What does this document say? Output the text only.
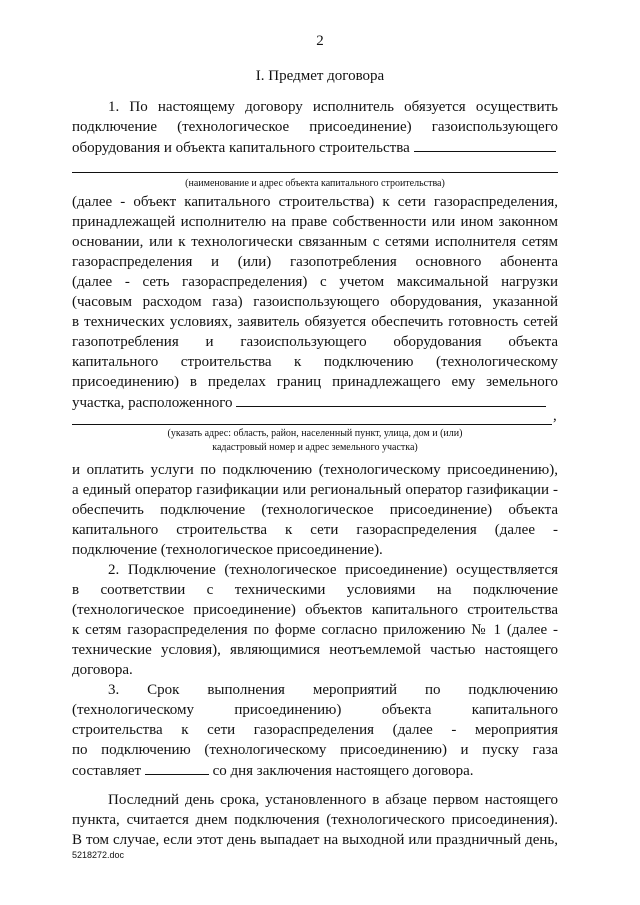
2
I. Предмет договора
1. По настоящему договору исполнитель обязуется осуществить
подключение (технологическое присоединение) газоиспользующего
оборудования и объекта капитального строительства
(наименование и адрес объекта капитального строительства)
(далее - объект капитального строительства) к сети газораспределения,
принадлежащей исполнителю на праве собственности или ином законном
основании, или к технологически связанным с сетями исполнителя сетям
газораспределения и (или) газопотребления основного абонента
(далее - сеть газораспределения) с учетом максимальной нагрузки
(часовым расходом газа) газоиспользующего оборудования, указанной
в технических условиях, заявитель обязуется обеспечить готовность сетей
газопотребления и газоиспользующего оборудования объекта
капитального строительства к подключению (технологическому
присоединению) в пределах границ принадлежащего ему земельного
участка, расположенного
,
(указать адрес: область, район, населенный пункт, улица, дом и (или)
кадастровый номер и адрес земельного участка)
и оплатить услуги по подключению (технологическому присоединению),
а единый оператор газификации или региональный оператор газификации -
обеспечить подключение (технологическое присоединение) объекта
капитального строительства к сети газораспределения (далее -
подключение (технологическое присоединение).
2. Подключение (технологическое присоединение) осуществляется
в соответствии с техническими условиями на подключение
(технологическое присоединение) объектов капитального строительства
к сетям газораспределения по форме согласно приложению № 1 (далее -
технические условия), являющимися неотъемлемой частью настоящего
договора.
3. Срок выполнения мероприятий по подключению
(технологическому присоединению) объекта капитального
строительства к сети газораспределения (далее - мероприятия
по подключению (технологическому присоединению) и пуску газа
составляет	со дня заключения настоящего договора.
Последний день срока, установленного в абзаце первом настоящего
пункта, считается днем подключения (технологического присоединения).
В том случае, если этот день выпадает на выходной или праздничный день,
5218272.doc
